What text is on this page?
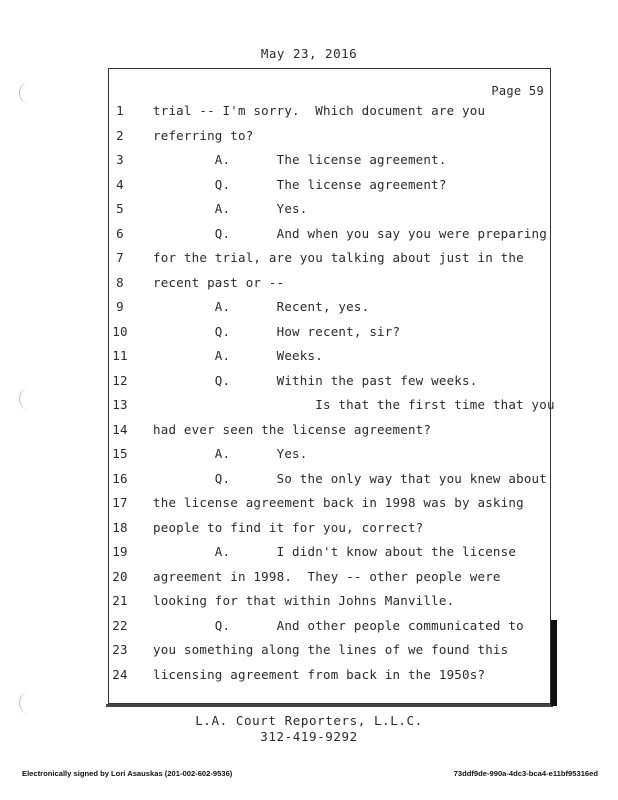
May 23, 2016
Page 59
1	trial -- I'm sorry.  Which document are you
2	referring to?
3	A.      The license agreement.
4	Q.      The license agreement?
5	A.      Yes.
6	Q.      And when you say you were preparing
7	for the trial, are you talking about just in the
8	recent past or --
9	A.      Recent, yes.
10	Q.      How recent, sir?
11	A.      Weeks.
12	Q.      Within the past few weeks.
13	Is that the first time that you
14	had ever seen the license agreement?
15	A.      Yes.
16	Q.      So the only way that you knew about
17	the license agreement back in 1998 was by asking
18	people to find it for you, correct?
19	A.      I didn't know about the license
20	agreement in 1998.  They -- other people were
21	looking for that within Johns Manville.
22	Q.      And other people communicated to
23	you something along the lines of we found this
24	licensing agreement from back in the 1950s?
L.A. Court Reporters, L.L.C.
312-419-9292
Electronically signed by Lori Asauskas (201-002-602-9536)	73ddf9de-990a-4dc3-bca4-e11bf95316ed
